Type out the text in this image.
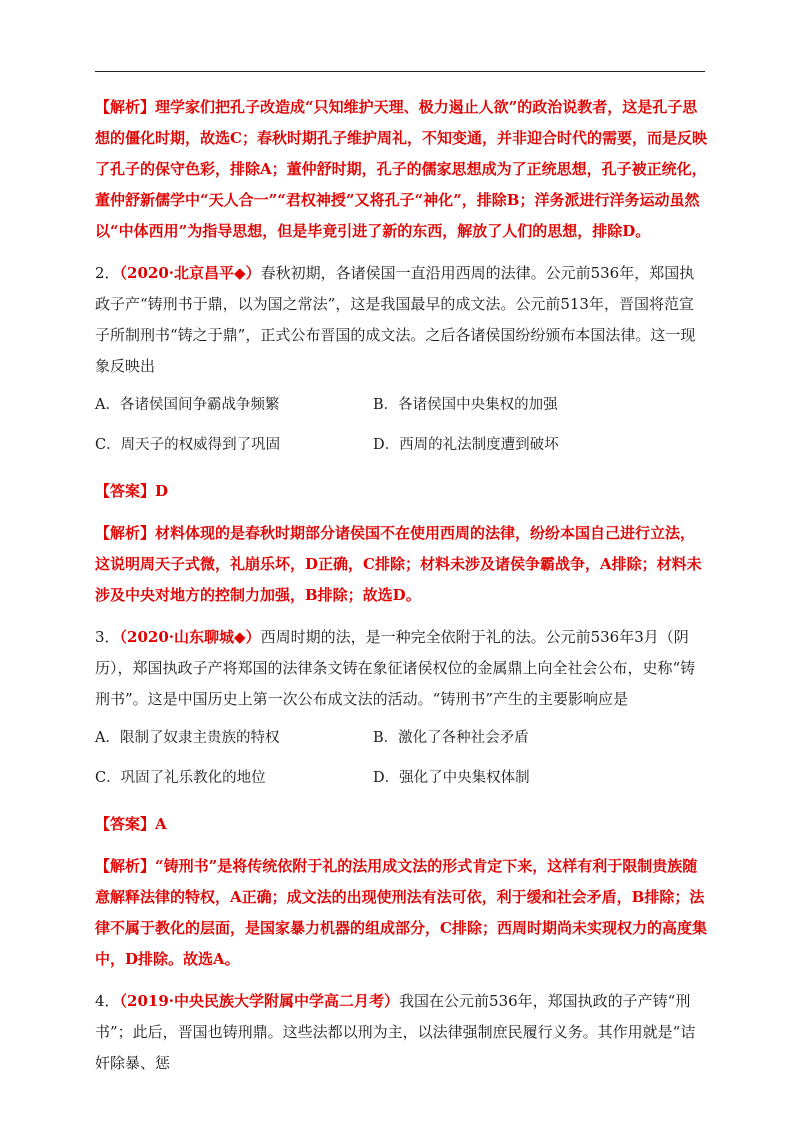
【解析】理学家们把孔子改造成“只知维护天理、极力遏止人欲”的政治说教者，这是孔子思想的僵化时期，故选C；春秋时期孔子维护周礼，不知变通，并非迎合时代的需要，而是反映了孔子的保守色彩，排除A；董仲舒时期，孔子的儒家思想成为了正统思想，孔子被正统化，董仲舒新儒学中“天人合一”“君权神授”又将孔子“神化”，排除B；洋务派进行洋务运动虽然以“中体西用”为指导思想，但是毕竟引进了新的东西，解放了人们的思想，排除D。

2．（2020·北京昌平◆）春秋初期，各诸侯国一直沿用西周的法律。公元前536年，郑国执政子产“铸刑书于鼎，以为国之常法”，这是我国最早的成文法。公元前513年，晋国将范宣子所制刑书“铸之于鼎”，正式公布晋国的成文法。之后各诸侯国纷纷颁布本国法律。这一现象反映出

A．各诸侯国间争霸战争频繁	B．各诸侯国中央集权的加强
C．周天子的权威得到了巩固	D．西周的礼法制度遭到破坏
【答案】D

【解析】材料体现的是春秋时期部分诸侯国不在使用西周的法律，纷纷本国自己进行立法，这说明周天子式微，礼崩乐坏，D正确，C排除；材料未涉及诸侯争霸战争，A排除；材料未涉及中央对地方的控制力加强，B排除；故选D。

3．（2020·山东聊城◆）西周时期的法，是一种完全依附于礼的法。公元前536年3月（阴历），郑国执政子产将郑国的法律条文铸在象征诸侯权位的金属鼎上向全社会公布，史称“铸刑书”。这是中国历史上第一次公布成文法的活动。“铸刑书”产生的主要影响应是

A．限制了奴隶主贵族的特权	B．激化了各种社会矛盾
C．巩固了礼乐教化的地位	D．强化了中央集权体制
【答案】A

【解析】“铸刑书”是将传统依附于礼的法用成文法的形式肯定下来，这样有利于限制贵族随意解释法律的特权，A正确；成文法的出现使刑法有法可依，利于缓和社会矛盾，B排除；法律不属于教化的层面，是国家暴力机器的组成部分，C排除；西周时期尚未实现权力的高度集中，D排除。故选A。

4．（2019·中央民族大学附属中学高二月考）我国在公元前536年，郑国执政的子产铸“刑书”；此后，晋国也铸刑鼎。这些法都以刑为主，以法律强制庶民履行义务。其作用就是“诘奸除暴、惩
